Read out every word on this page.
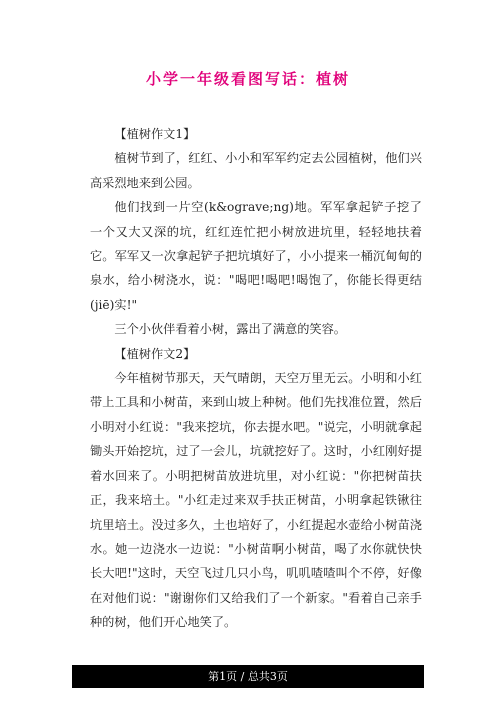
小学一年级看图写话：植树

【植树作文1】

植树节到了，红红、小小和军军约定去公园植树，他们兴高采烈地来到公园。

他们找到一片空(k&ograve;ng)地。军军拿起铲子挖了一个又大又深的坑，红红连忙把小树放进坑里，轻轻地扶着它。军军又一次拿起铲子把坑填好了，小小提来一桶沉甸甸的泉水，给小树浇水，说："喝吧!喝吧!喝饱了，你能长得更结(jiē)实!"

三个小伙伴看着小树，露出了满意的笑容。

【植树作文2】

今年植树节那天，天气晴朗，天空万里无云。小明和小红带上工具和小树苗，来到山坡上种树。他们先找准位置，然后小明对小红说："我来挖坑，你去提水吧。"说完，小明就拿起锄头开始挖坑，过了一会儿，坑就挖好了。这时，小红刚好提着水回来了。小明把树苗放进坑里，对小红说："你把树苗扶正，我来培土。"小红走过来双手扶正树苗，小明拿起铁锹往坑里培土。没过多久，土也培好了，小红提起水壶给小树苗浇水。她一边浇水一边说："小树苗啊小树苗，喝了水你就快快长大吧!"这时，天空飞过几只小鸟，叽叽喳喳叫个不停，好像在对他们说："谢谢你们又给我们了一个新家。"看着自己亲手种的树，他们开心地笑了。

第1页 / 总共3页
